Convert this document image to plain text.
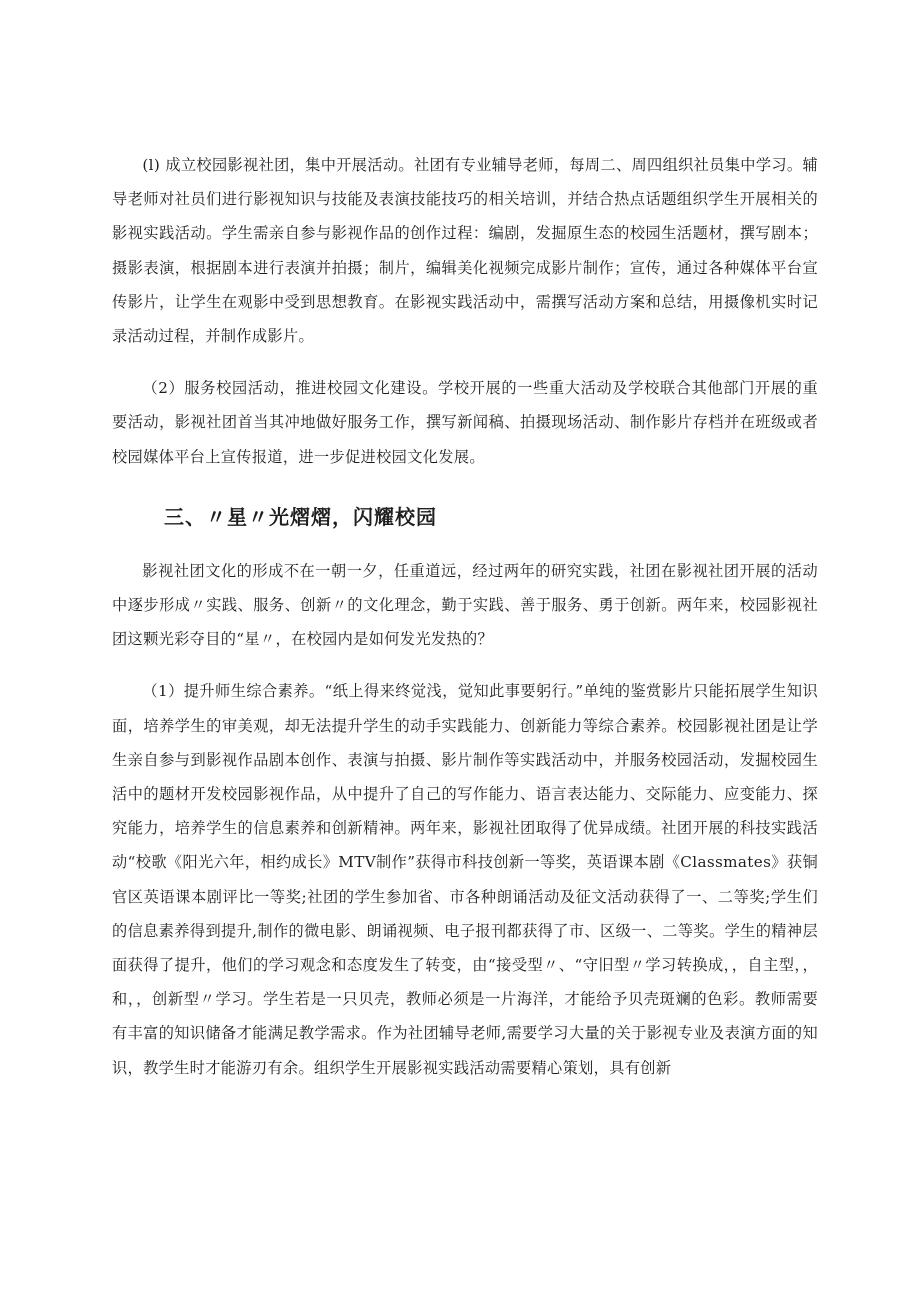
(l) 成立校园影视社团，集中开展活动。社团有专业辅导老师，每周二、周四组织社员集中学习。辅导老师对社员们进行影视知识与技能及表演技能技巧的相关培训，并结合热点话题组织学生开展相关的影视实践活动。学生需亲自参与影视作品的创作过程：编剧，发掘原生态的校园生活题材，撰写剧本；摄影表演，根据剧本进行表演并拍摄；制片，编辑美化视频完成影片制作；宣传，通过各种媒体平台宣传影片，让学生在观影中受到思想教育。在影视实践活动中，需撰写活动方案和总结，用摄像机实时记录活动过程，并制作成影片。

（2）服务校园活动，推进校园文化建设。学校开展的一些重大活动及学校联合其他部门开展的重要活动，影视社团首当其冲地做好服务工作，撰写新闻稿、拍摄现场活动、制作影片存档并在班级或者校园媒体平台上宣传报道，进一步促进校园文化发展。

三、〃星〃光熠熠，闪耀校园

影视社团文化的形成不在一朝一夕，任重道远，经过两年的研究实践，社团在影视社团开展的活动中逐步形成〃实践、服务、创新〃的文化理念，勤于实践、善于服务、勇于创新。两年来，校园影视社团这颗光彩夺目的“星〃，在校园内是如何发光发热的？

（1）提升师生综合素养。“纸上得来终觉浅，觉知此事要躬行。”单纯的鉴赏影片只能拓展学生知识面，培养学生的审美观，却无法提升学生的动手实践能力、创新能力等综合素养。校园影视社团是让学生亲自参与到影视作品剧本创作、表演与拍摄、影片制作等实践活动中，并服务校园活动，发掘校园生活中的题材开发校园影视作品，从中提升了自己的写作能力、语言表达能力、交际能力、应变能力、探究能力，培养学生的信息素养和创新精神。两年来，影视社团取得了优异成绩。社团开展的科技实践活动“校歌《阳光六年，相约成长》MTV制作”获得市科技创新一等奖，英语课本剧《Classmates》获铜官区英语课本剧评比一等奖;社团的学生参加省、市各种朗诵活动及征文活动获得了一、二等奖;学生们的信息素养得到提升,制作的微电影、朗诵视频、电子报刊都获得了市、区级一、二等奖。学生的精神层面获得了提升，他们的学习观念和态度发生了转变，由“接受型〃、“守旧型〃学习转换成，，自主型，，和，，创新型〃学习。学生若是一只贝壳，教师必须是一片海洋，才能给予贝壳斑斓的色彩。教师需要有丰富的知识储备才能满足教学需求。作为社团辅导老师,需要学习大量的关于影视专业及表演方面的知识，教学生时才能游刃有余。组织学生开展影视实践活动需要精心策划，具有创新
